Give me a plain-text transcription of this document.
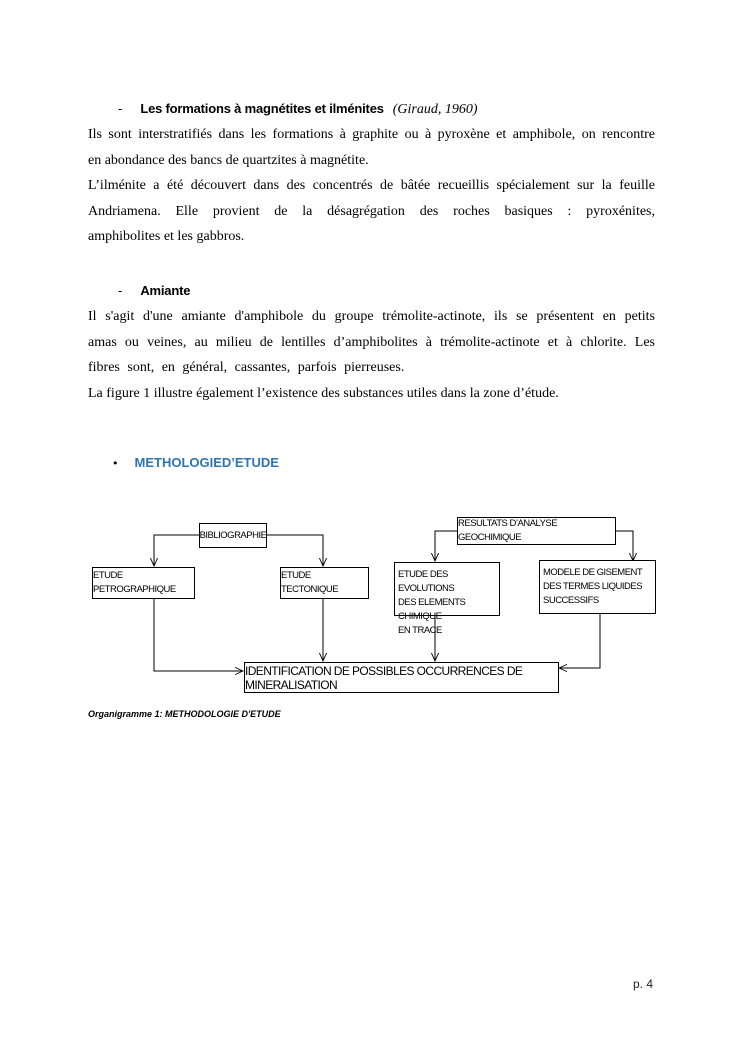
- Les formations à magnétites et ilménites (Giraud, 1960)

Ils sont interstratifiés dans les formations à graphite ou à pyroxène et amphibole, on rencontre

en abondance des bancs de quartzites à magnétite.

L’ilménite a été découvert dans des concentrés de bâtée recueillis spécialement sur la feuille

Andriamena. Elle provient de la désagrégation des roches basiques : pyroxénites,

amphibolites et les gabbros.

- Amiante

Il s'agit d'une amiante d'amphibole du groupe trémolite-actinote, ils se présentent en petits

amas ou veines, au milieu de lentilles d’amphibolites à trémolite-actinote et à chlorite. Les

fibres sont, en général, cassantes, parfois pierreuses.

La figure 1 illustre également l’existence des substances utiles dans la zone d’étude.

• METHOLOGIED’ETUDE
BIBLIOGRAPHIE
ETUDE PETROGRAPHIQUE
ETUDE TECTONIQUE
RESULTATS D’ANALYSE GEOCHIMIQUE
ETUDE DES EVOLUTIONS
DES ELEMENTS CHIMIQUE
EN TRACE
MODELE DE GISEMENT
DES TERMES LIQUIDES
SUCCESSIFS
IDENTIFICATION DE POSSIBLES OCCURRENCES DE MINERALISATION
Organigramme 1: METHODOLOGIE D'ETUDE
p. 4
